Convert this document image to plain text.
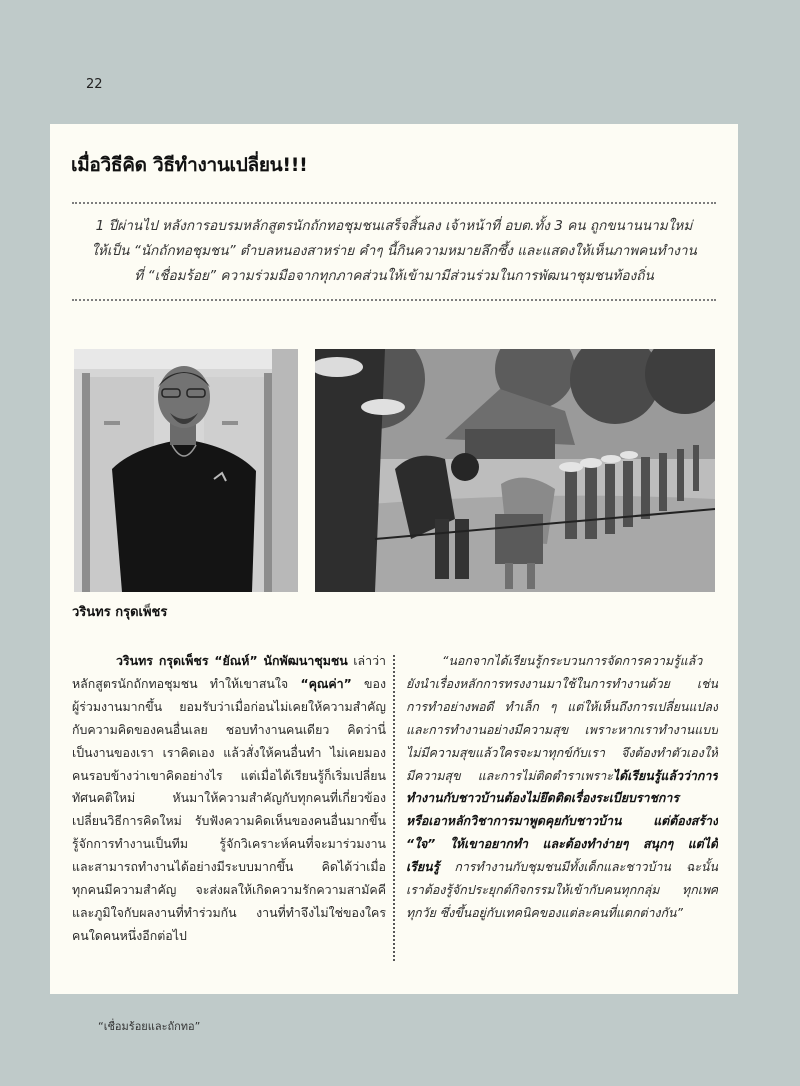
22
เมื่อวิธีคิด วิธีทำงานเปลี่ยน!!!
1 ปีผ่านไป หลังการอบรมหลักสูตรนักถักทอชุมชนเสร็จสิ้นลง เจ้าหน้าที่ อบต.ทั้ง 3 คน ถูกขนานนามใหม่
ให้เป็น “นักถักทอชุมชน” ตำบลหนองสาหร่าย คำๆ นี้กินความหมายลึกซึ้ง และแสดงให้เห็นภาพคนทำงาน
ที่ “เชื่อมร้อย” ความร่วมมือจากทุกภาคส่วนให้เข้ามามีส่วนร่วมในการพัฒนาชุมชนท้องถิ่น
วรินทร กรุดเพ็ชร
วรินทร กรุดเพ็ชร “ยัณห์” นักพัฒนาชุมชน เล่าว่า
หลักสูตรนักถักทอชุมชน ทำให้เขาสนใจ “คุณค่า” ของ
ผู้ร่วมงานมากขึ้น ยอมรับว่าเมื่อก่อนไม่เคยให้ความสำคัญ
กับความคิดของคนอื่นเลย ชอบทำงานคนเดียว คิดว่านี่
เป็นงานของเรา เราคิดเอง แล้วสั่งให้คนอื่นทำ ไม่เคยมอง
คนรอบข้างว่าเขาคิดอย่างไร แต่เมื่อได้เรียนรู้ก็เริ่มเปลี่ยน
ทัศนคติใหม่ หันมาให้ความสำคัญกับทุกคนที่เกี่ยวข้อง
เปลี่ยนวิธีการคิดใหม่ รับฟังความคิดเห็นของคนอื่นมากขึ้น
รู้จักการทำงานเป็นทีม รู้จักวิเคราะห์คนที่จะมาร่วมงาน
และสามารถทำงานได้อย่างมีระบบมากขึ้น คิดได้ว่าเมื่อ
ทุกคนมีความสำคัญ จะส่งผลให้เกิดความรักความสามัคคี
และภูมิใจกับผลงานที่ทำร่วมกัน งานที่ทำจึงไม่ใช่ของใคร
คนใดคนหนึ่งอีกต่อไป
“นอกจากได้เรียนรู้กระบวนการจัดการความรู้แล้ว
ยังนำเรื่องหลักการทรงงานมาใช้ในการทำงานด้วย เช่น
การทำอย่างพอดี ทำเล็ก ๆ แต่ให้เห็นถึงการเปลี่ยนแปลง
และการทำงานอย่างมีความสุข เพราะหากเราทำงานแบบ
ไม่มีความสุขแล้วใครจะมาทุกข์กับเรา จึงต้องทำตัวเองให้
มีความสุข และการไม่ติดตำราเพราะได้เรียนรู้แล้วว่าการ
ทำงานกับชาวบ้านต้องไม่ยึดติดเรื่องระเบียบราชการ
หรือเอาหลักวิชาการมาพูดคุยกับชาวบ้าน แต่ต้องสร้าง
“ใจ” ให้เขาอยากทำ และต้องทำง่ายๆ สนุกๆ แต่ได้
เรียนรู้ การทำงานกับชุมชนมีทั้งเด็กและชาวบ้าน ฉะนั้น
เราต้องรู้จักประยุกต์กิจกรรมให้เข้ากับคนทุกกลุ่ม ทุกเพศ
ทุกวัย ซึ่งขึ้นอยู่กับเทคนิคของแต่ละคนที่แตกต่างกัน”
“เชื่อมร้อยและถักทอ”
